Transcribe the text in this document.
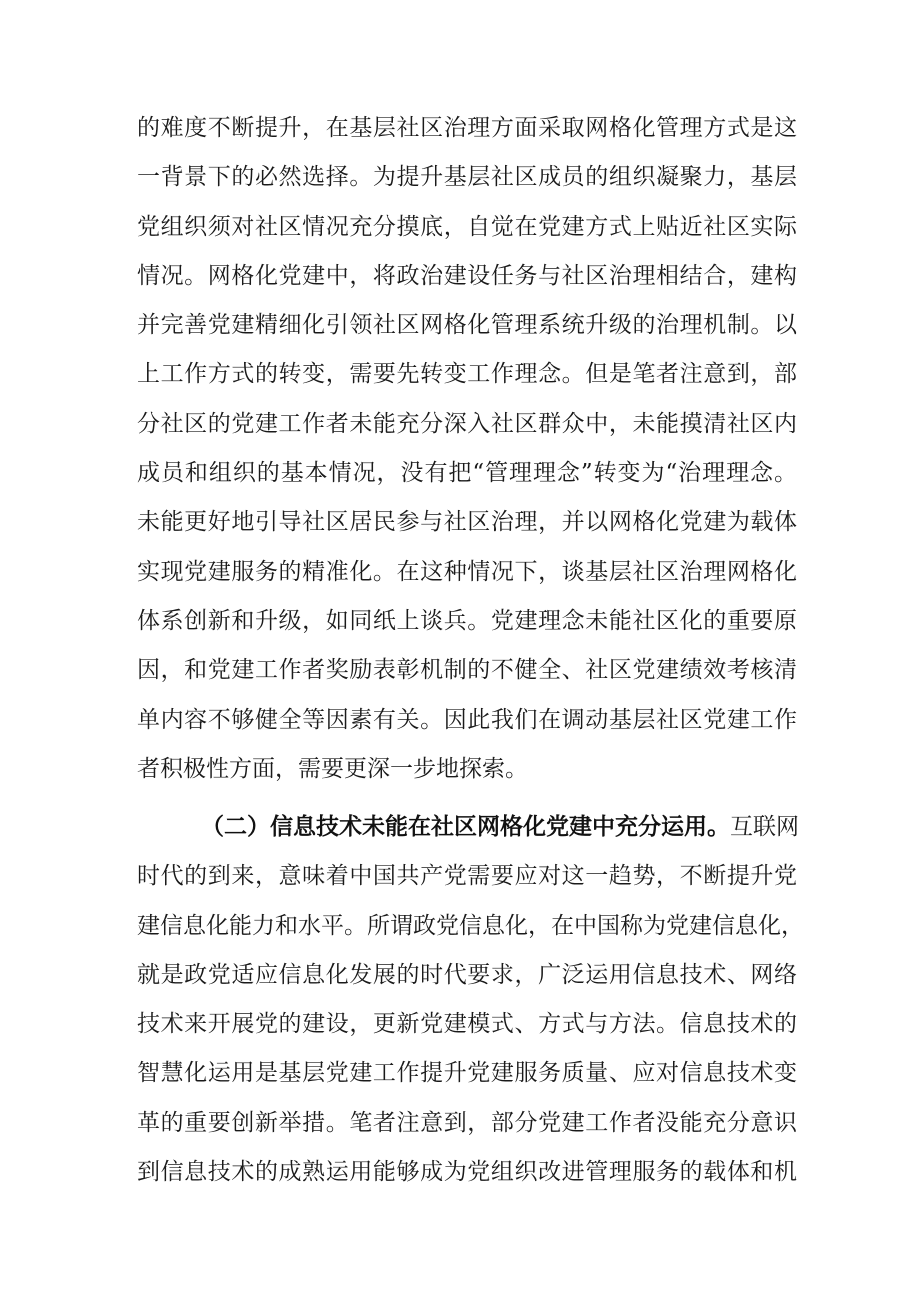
的难度不断提升，在基层社区治理方面采取网格化管理方式是这
一背景下的必然选择。为提升基层社区成员的组织凝聚力，基层
党组织须对社区情况充分摸底，自觉在党建方式上贴近社区实际
情况。网格化党建中，将政治建设任务与社区治理相结合，建构
并完善党建精细化引领社区网格化管理系统升级的治理机制。以
上工作方式的转变，需要先转变工作理念。但是笔者注意到，部
分社区的党建工作者未能充分深入社区群众中，未能摸清社区内
成员和组织的基本情况，没有把“管理理念”转变为“治理理念。
未能更好地引导社区居民参与社区治理，并以网格化党建为载体
实现党建服务的精准化。在这种情况下，谈基层社区治理网格化
体系创新和升级，如同纸上谈兵。党建理念未能社区化的重要原
因，和党建工作者奖励表彰机制的不健全、社区党建绩效考核清
单内容不够健全等因素有关。因此我们在调动基层社区党建工作
者积极性方面，需要更深一步地探索。
（二）信息技术未能在社区网格化党建中充分运用。互联网
时代的到来，意味着中国共产党需要应对这一趋势，不断提升党
建信息化能力和水平。所谓政党信息化，在中国称为党建信息化，
就是政党适应信息化发展的时代要求，广泛运用信息技术、网络
技术来开展党的建设，更新党建模式、方式与方法。信息技术的
智慧化运用是基层党建工作提升党建服务质量、应对信息技术变
革的重要创新举措。笔者注意到，部分党建工作者没能充分意识
到信息技术的成熟运用能够成为党组织改进管理服务的载体和机
